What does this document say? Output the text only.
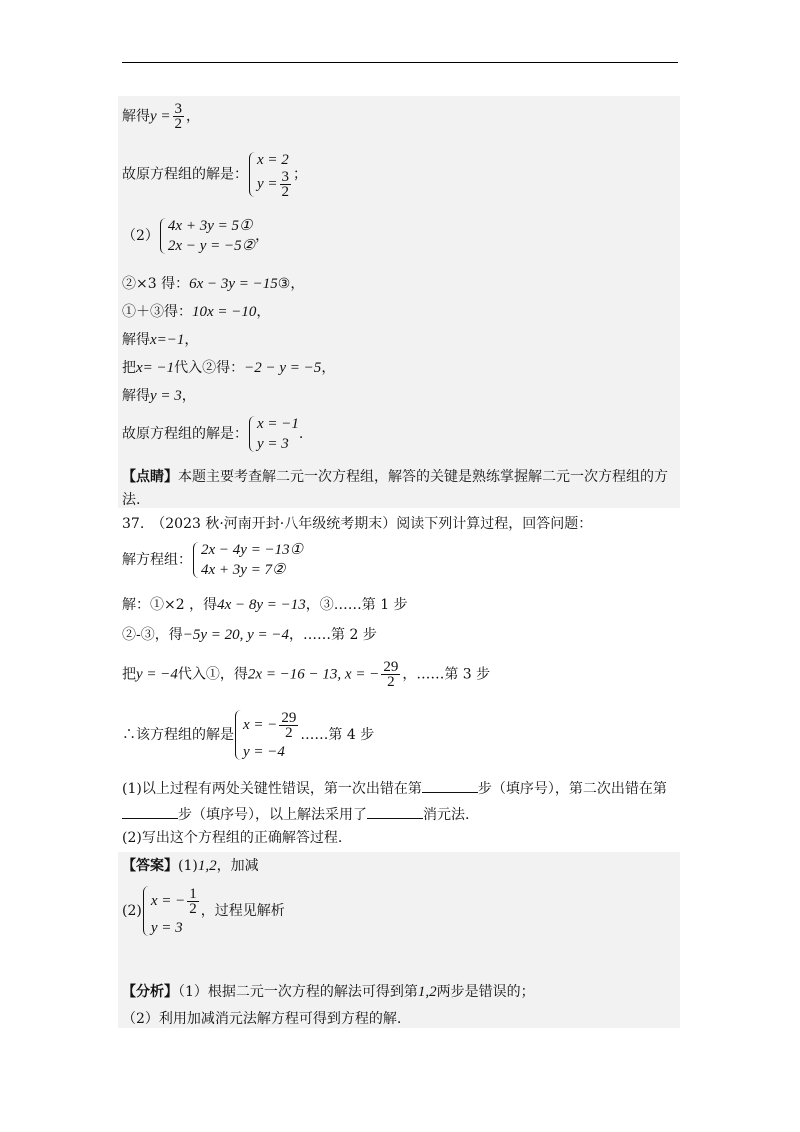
解得$y = \frac{3}{2}$ ，
故原方程组的解是：
x = 2
$y = \frac{3}{2}$ ；
（2）
4x + 3y = 5①
2x − y = −5②
，
②×3 得：6x − 3y = −15③，
①＋③得：10x = −10，
解得x=−1，
把x= −1代入②得：−2 − y = −5，
解得y = 3，
故原方程组的解是：
x = −1
y = 3
.
【点睛】本题主要考查解二元一次方程组，解答的关键是熟练掌握解二元一次方程组的方
法.
37.　（2023 秋·河南开封·八年级统考期末）阅读下列计算过程，回答问题：
解方程组：
2x − 4y = −13①
4x + 3y = 7②
解：①×2 ，得4x − 8y = −13，③……第 1 步
②‐③，得−5y = 20, y = −4，……第 2 步
把y = −4代入①，得2x = −16 − 13, x = − $\frac{29}{2}$ ，……第 3 步
∴该方程组的解是
x = − $\frac{29}{2}$
y = −4
……第 4 步
(1)以上过程有两处关键性错误，第一次出错在第	步（填序号），第二次出错在第
步（填序号），以上解法采用了	消元法.
(2)写出这个方程组的正确解答过程.
【答案】(1)1,2，加减
(2)
x = − $\frac{1}{2}$
y = 3
，过程见解析
【分析】（1）根据二元一次方程的解法可得到第1,2两步是错误的；
（2）利用加减消元法解方程可得到方程的解.
